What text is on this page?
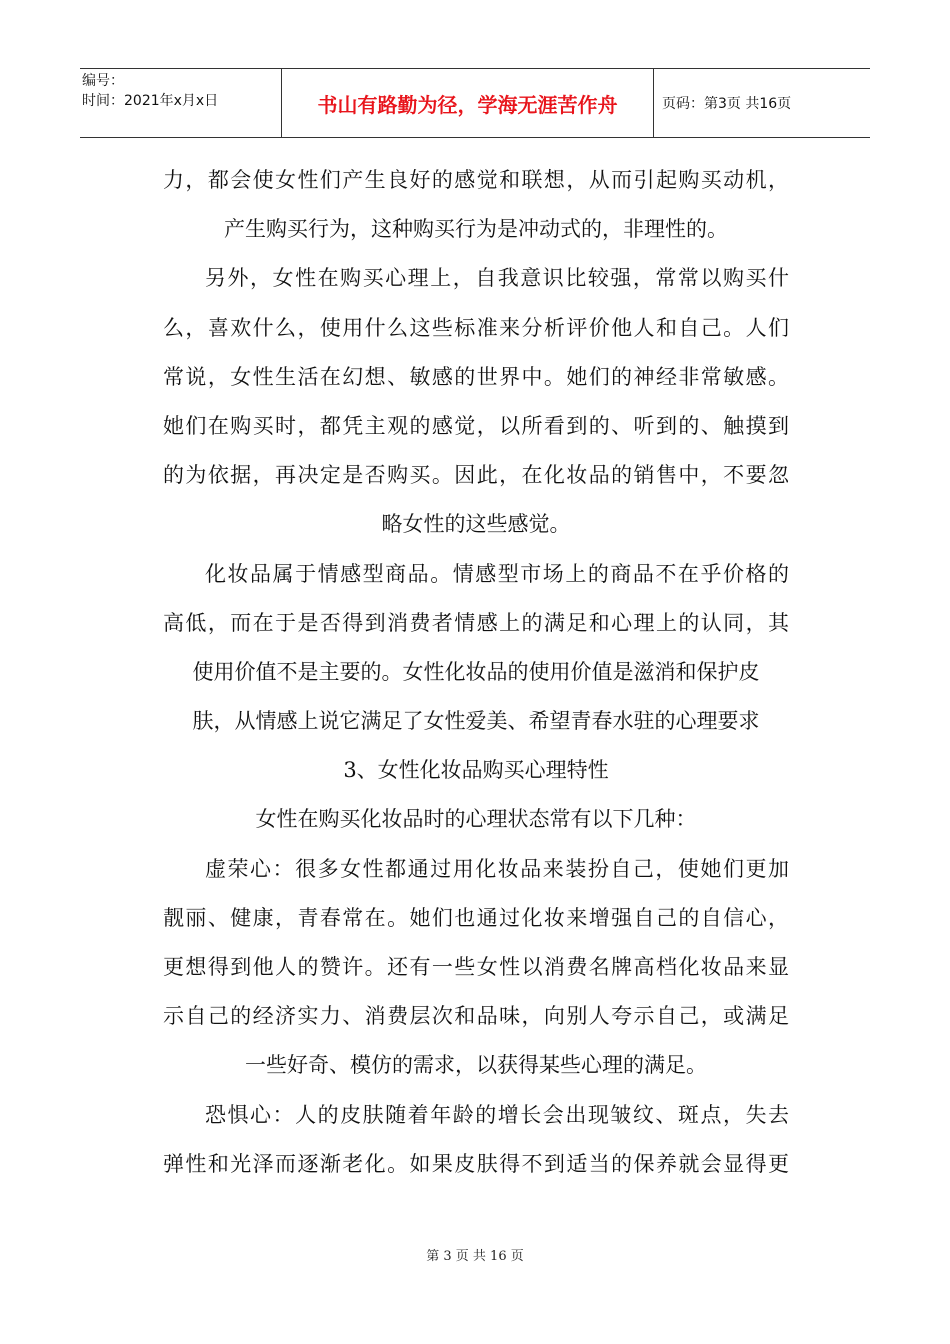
编号：
时间：2021年x月x日	书山有路勤为径，学海无涯苦作舟	页码：第3页 共16页
力，都会使女性们产生良好的感觉和联想，从而引起购买动机，
产生购买行为，这种购买行为是冲动式的，非理性的。
另外，女性在购买心理上，自我意识比较强，常常以购买什
么，喜欢什么，使用什么这些标准来分析评价他人和自己。人们
常说，女性生活在幻想、敏感的世界中。她们的神经非常敏感。
她们在购买时，都凭主观的感觉，以所看到的、听到的、触摸到
的为依据，再决定是否购买。因此，在化妆品的销售中，不要忽
略女性的这些感觉。
化妆品属于情感型商品。情感型市场上的商品不在乎价格的
高低，而在于是否得到消费者情感上的满足和心理上的认同，其
使用价值不是主要的。女性化妆品的使用价值是滋消和保护皮
肤，从情感上说它满足了女性爱美、希望青春水驻的心理要求
3、女性化妆品购买心理特性
女性在购买化妆品时的心理状态常有以下几种：
虚荣心：很多女性都通过用化妆品来装扮自己，使她们更加
靓丽、健康，青春常在。她们也通过化妆来增强自己的自信心，
更想得到他人的赞许。还有一些女性以消费名牌高档化妆品来显
示自己的经济实力、消费层次和品味，向别人夸示自己，或满足
一些好奇、模仿的需求，以获得某些心理的满足。
恐惧心：人的皮肤随着年龄的增长会出现皱纹、斑点，失去
弹性和光泽而逐渐老化。如果皮肤得不到适当的保养就会显得更
第 3 页 共 16 页
